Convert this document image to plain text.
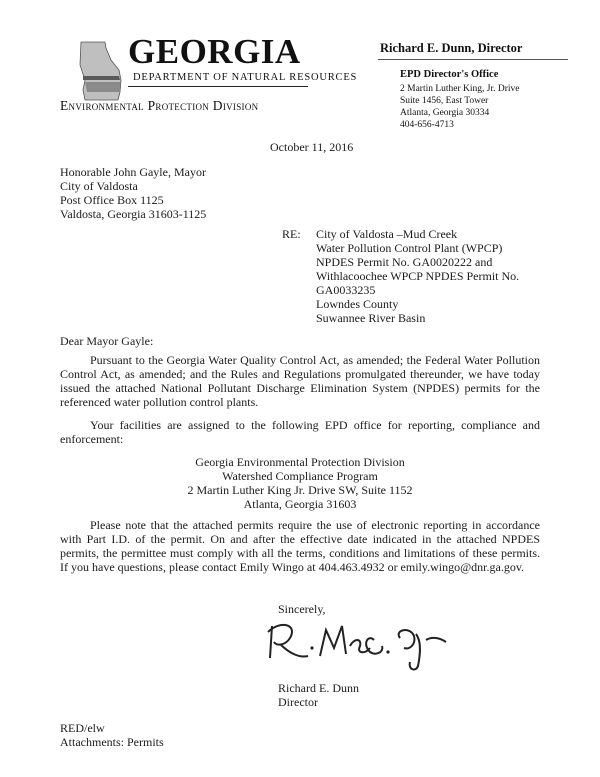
GEORGIA
DEPARTMENT OF NATURAL RESOURCES
Environmental Protection Division
Richard E. Dunn, Director
EPD Director's Office
2 Martin Luther King, Jr. Drive
Suite 1456, East Tower
Atlanta, Georgia 30334
404-656-4713
October 11, 2016
Honorable John Gayle, Mayor
City of Valdosta
Post Office Box 1125
Valdosta, Georgia 31603-1125
RE: City of Valdosta –Mud Creek
Water Pollution Control Plant (WPCP)
NPDES Permit No. GA0020222 and
Withlacoochee WPCP NPDES Permit No.
GA0033235
Lowndes County
Suwannee River Basin
Dear Mayor Gayle:
Pursuant to the Georgia Water Quality Control Act, as amended; the Federal Water Pollution Control Act, as amended; and the Rules and Regulations promulgated thereunder, we have today issued the attached National Pollutant Discharge Elimination System (NPDES) permits for the referenced water pollution control plants.
Your facilities are assigned to the following EPD office for reporting, compliance and enforcement:
Georgia Environmental Protection Division
Watershed Compliance Program
2 Martin Luther King Jr. Drive SW, Suite 1152
Atlanta, Georgia 31603
Please note that the attached permits require the use of electronic reporting in accordance with Part I.D. of the permit. On and after the effective date indicated in the attached NPDES permits, the permittee must comply with all the terms, conditions and limitations of these permits. If you have questions, please contact Emily Wingo at 404.463.4932 or emily.wingo@dnr.ga.gov.
Sincerely,
Richard E. Dunn
Director
RED/elw
Attachments: Permits
